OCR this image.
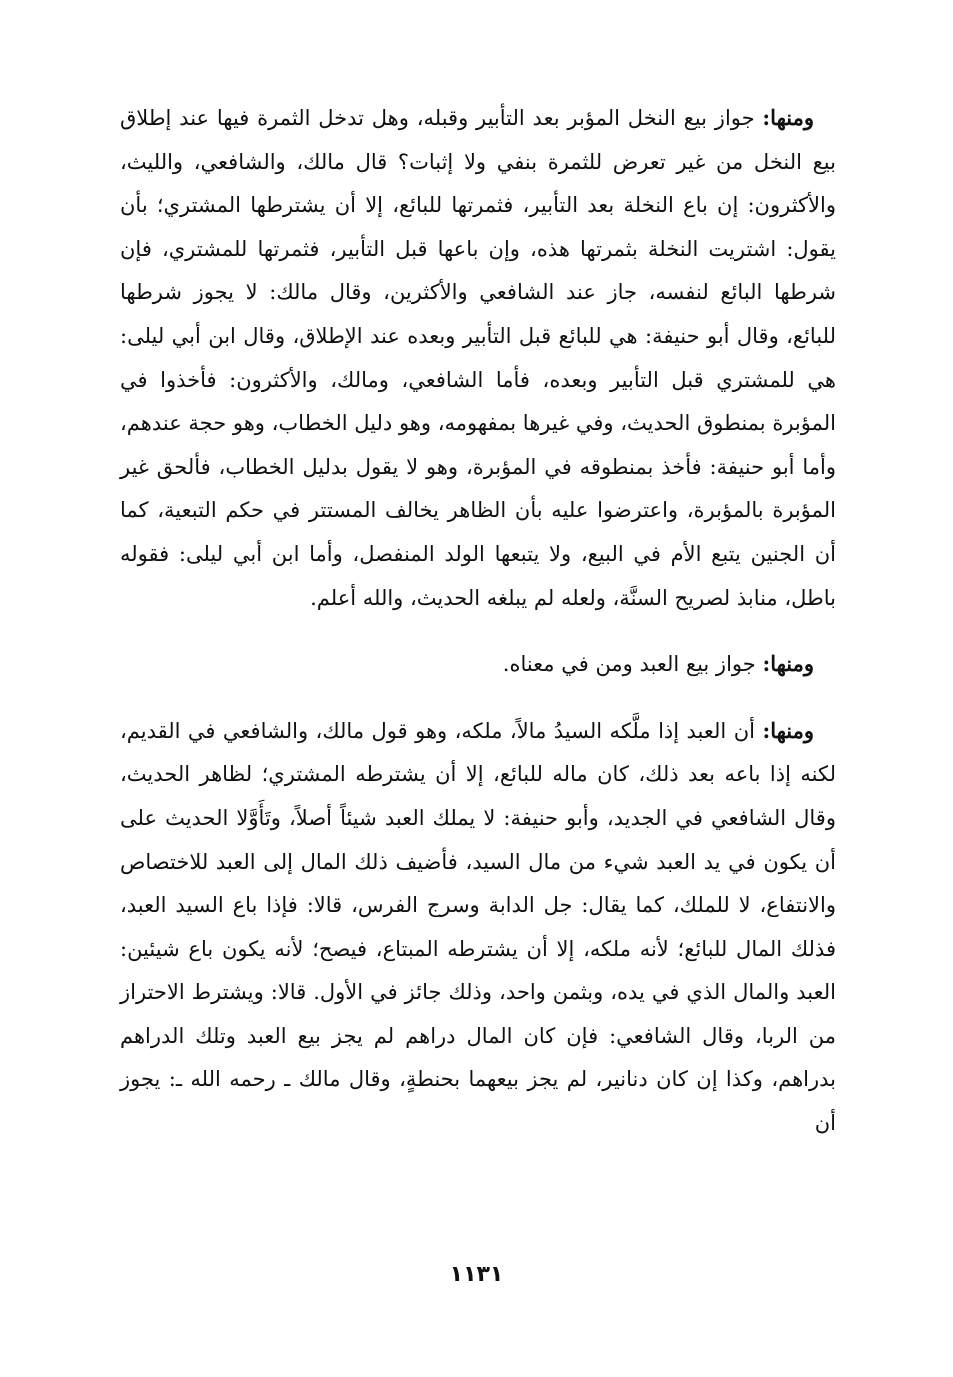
ومنها: جواز بيع النخل المؤبر بعد التأبير وقبله، وهل تدخل الثمرة فيها عند إطلاق بيع النخل من غير تعرض للثمرة بنفي ولا إثبات؟ قال مالك، والشافعي، والليث، والأكثرون: إن باع النخلة بعد التأبير، فثمرتها للبائع، إلا أن يشترطها المشتري؛ بأن يقول: اشتريت النخلة بثمرتها هذه، وإن باعها قبل التأبير، فثمرتها للمشتري، فإن شرطها البائع لنفسه، جاز عند الشافعي والأكثرين، وقال مالك: لا يجوز شرطها للبائع، وقال أبو حنيفة: هي للبائع قبل التأبير وبعده عند الإطلاق، وقال ابن أبي ليلى: هي للمشتري قبل التأبير وبعده، فأما الشافعي، ومالك، والأكثرون: فأخذوا في المؤبرة بمنطوق الحديث، وفي غيرها بمفهومه، وهو دليل الخطاب، وهو حجة عندهم، وأما أبو حنيفة: فأخذ بمنطوقه في المؤبرة، وهو لا يقول بدليل الخطاب، فألحق غير المؤبرة بالمؤبرة، واعترضوا عليه بأن الظاهر يخالف المستتر في حكم التبعية، كما أن الجنين يتبع الأم في البيع، ولا يتبعها الولد المنفصل، وأما ابن أبي ليلى: فقوله باطل، منابذ لصريح السنَّة، ولعله لم يبلغه الحديث، والله أعلم.

ومنها: جواز بيع العبد ومن في معناه.

ومنها: أن العبد إذا ملَّكه السيدُ مالاً، ملكه، وهو قول مالك، والشافعي في القديم، لكنه إذا باعه بعد ذلك، كان ماله للبائع، إلا أن يشترطه المشتري؛ لظاهر الحديث، وقال الشافعي في الجديد، وأبو حنيفة: لا يملك العبد شيئاً أصلاً، وتَأَوَّلا الحديث على أن يكون في يد العبد شيء من مال السيد، فأضيف ذلك المال إلى العبد للاختصاص والانتفاع، لا للملك، كما يقال: جل الدابة وسرج الفرس، قالا: فإذا باع السيد العبد، فذلك المال للبائع؛ لأنه ملكه، إلا أن يشترطه المبتاع، فيصح؛ لأنه يكون باع شيئين: العبد والمال الذي في يده، وبثمن واحد، وذلك جائز في الأول. قالا: ويشترط الاحتراز من الربا، وقال الشافعي: فإن كان المال دراهم لم يجز بيع العبد وتلك الدراهم بدراهم، وكذا إن كان دنانير، لم يجز بيعهما بحنطةٍ، وقال مالك ـ رحمه الله ـ: يجوز أن

١١٣١
